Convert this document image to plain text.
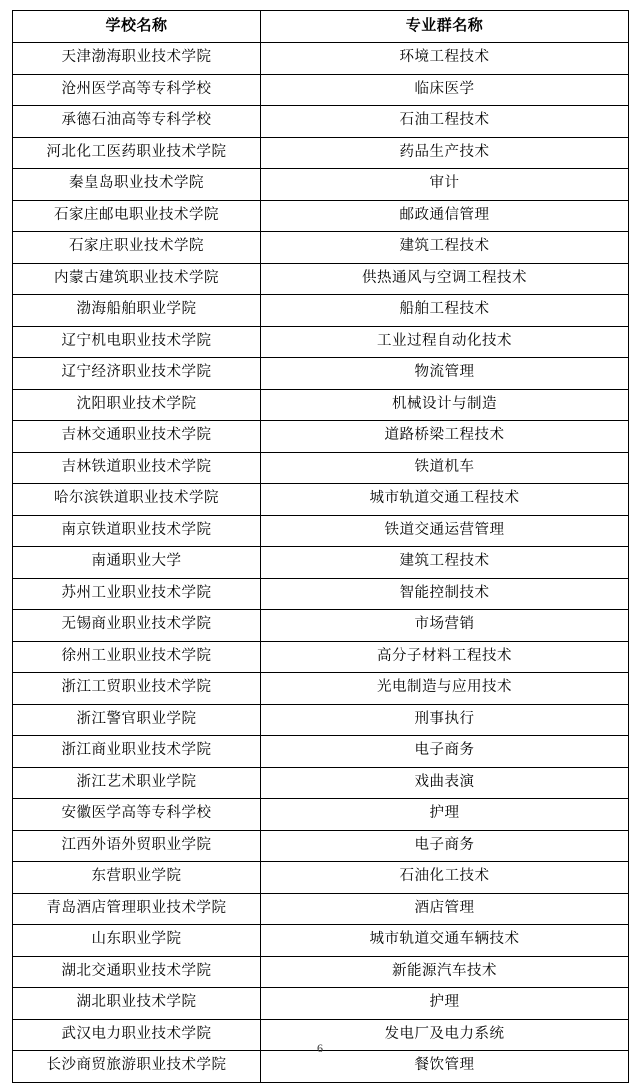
学校名称	专业群名称
天津渤海职业技术学院	环境工程技术
沧州医学高等专科学校	临床医学
承德石油高等专科学校	石油工程技术
河北化工医药职业技术学院	药品生产技术
秦皇岛职业技术学院	审计
石家庄邮电职业技术学院	邮政通信管理
石家庄职业技术学院	建筑工程技术
内蒙古建筑职业技术学院	供热通风与空调工程技术
渤海船舶职业学院	船舶工程技术
辽宁机电职业技术学院	工业过程自动化技术
辽宁经济职业技术学院	物流管理
沈阳职业技术学院	机械设计与制造
吉林交通职业技术学院	道路桥梁工程技术
吉林铁道职业技术学院	铁道机车
哈尔滨铁道职业技术学院	城市轨道交通工程技术
南京铁道职业技术学院	铁道交通运营管理
南通职业大学	建筑工程技术
苏州工业职业技术学院	智能控制技术
无锡商业职业技术学院	市场营销
徐州工业职业技术学院	高分子材料工程技术
浙江工贸职业技术学院	光电制造与应用技术
浙江警官职业学院	刑事执行
浙江商业职业技术学院	电子商务
浙江艺术职业学院	戏曲表演
安徽医学高等专科学校	护理
江西外语外贸职业学院	电子商务
东营职业学院	石油化工技术
青岛酒店管理职业技术学院	酒店管理
山东职业学院	城市轨道交通车辆技术
湖北交通职业技术学院	新能源汽车技术
湖北职业技术学院	护理
武汉电力职业技术学院	发电厂及电力系统
长沙商贸旅游职业技术学院	餐饮管理
6
